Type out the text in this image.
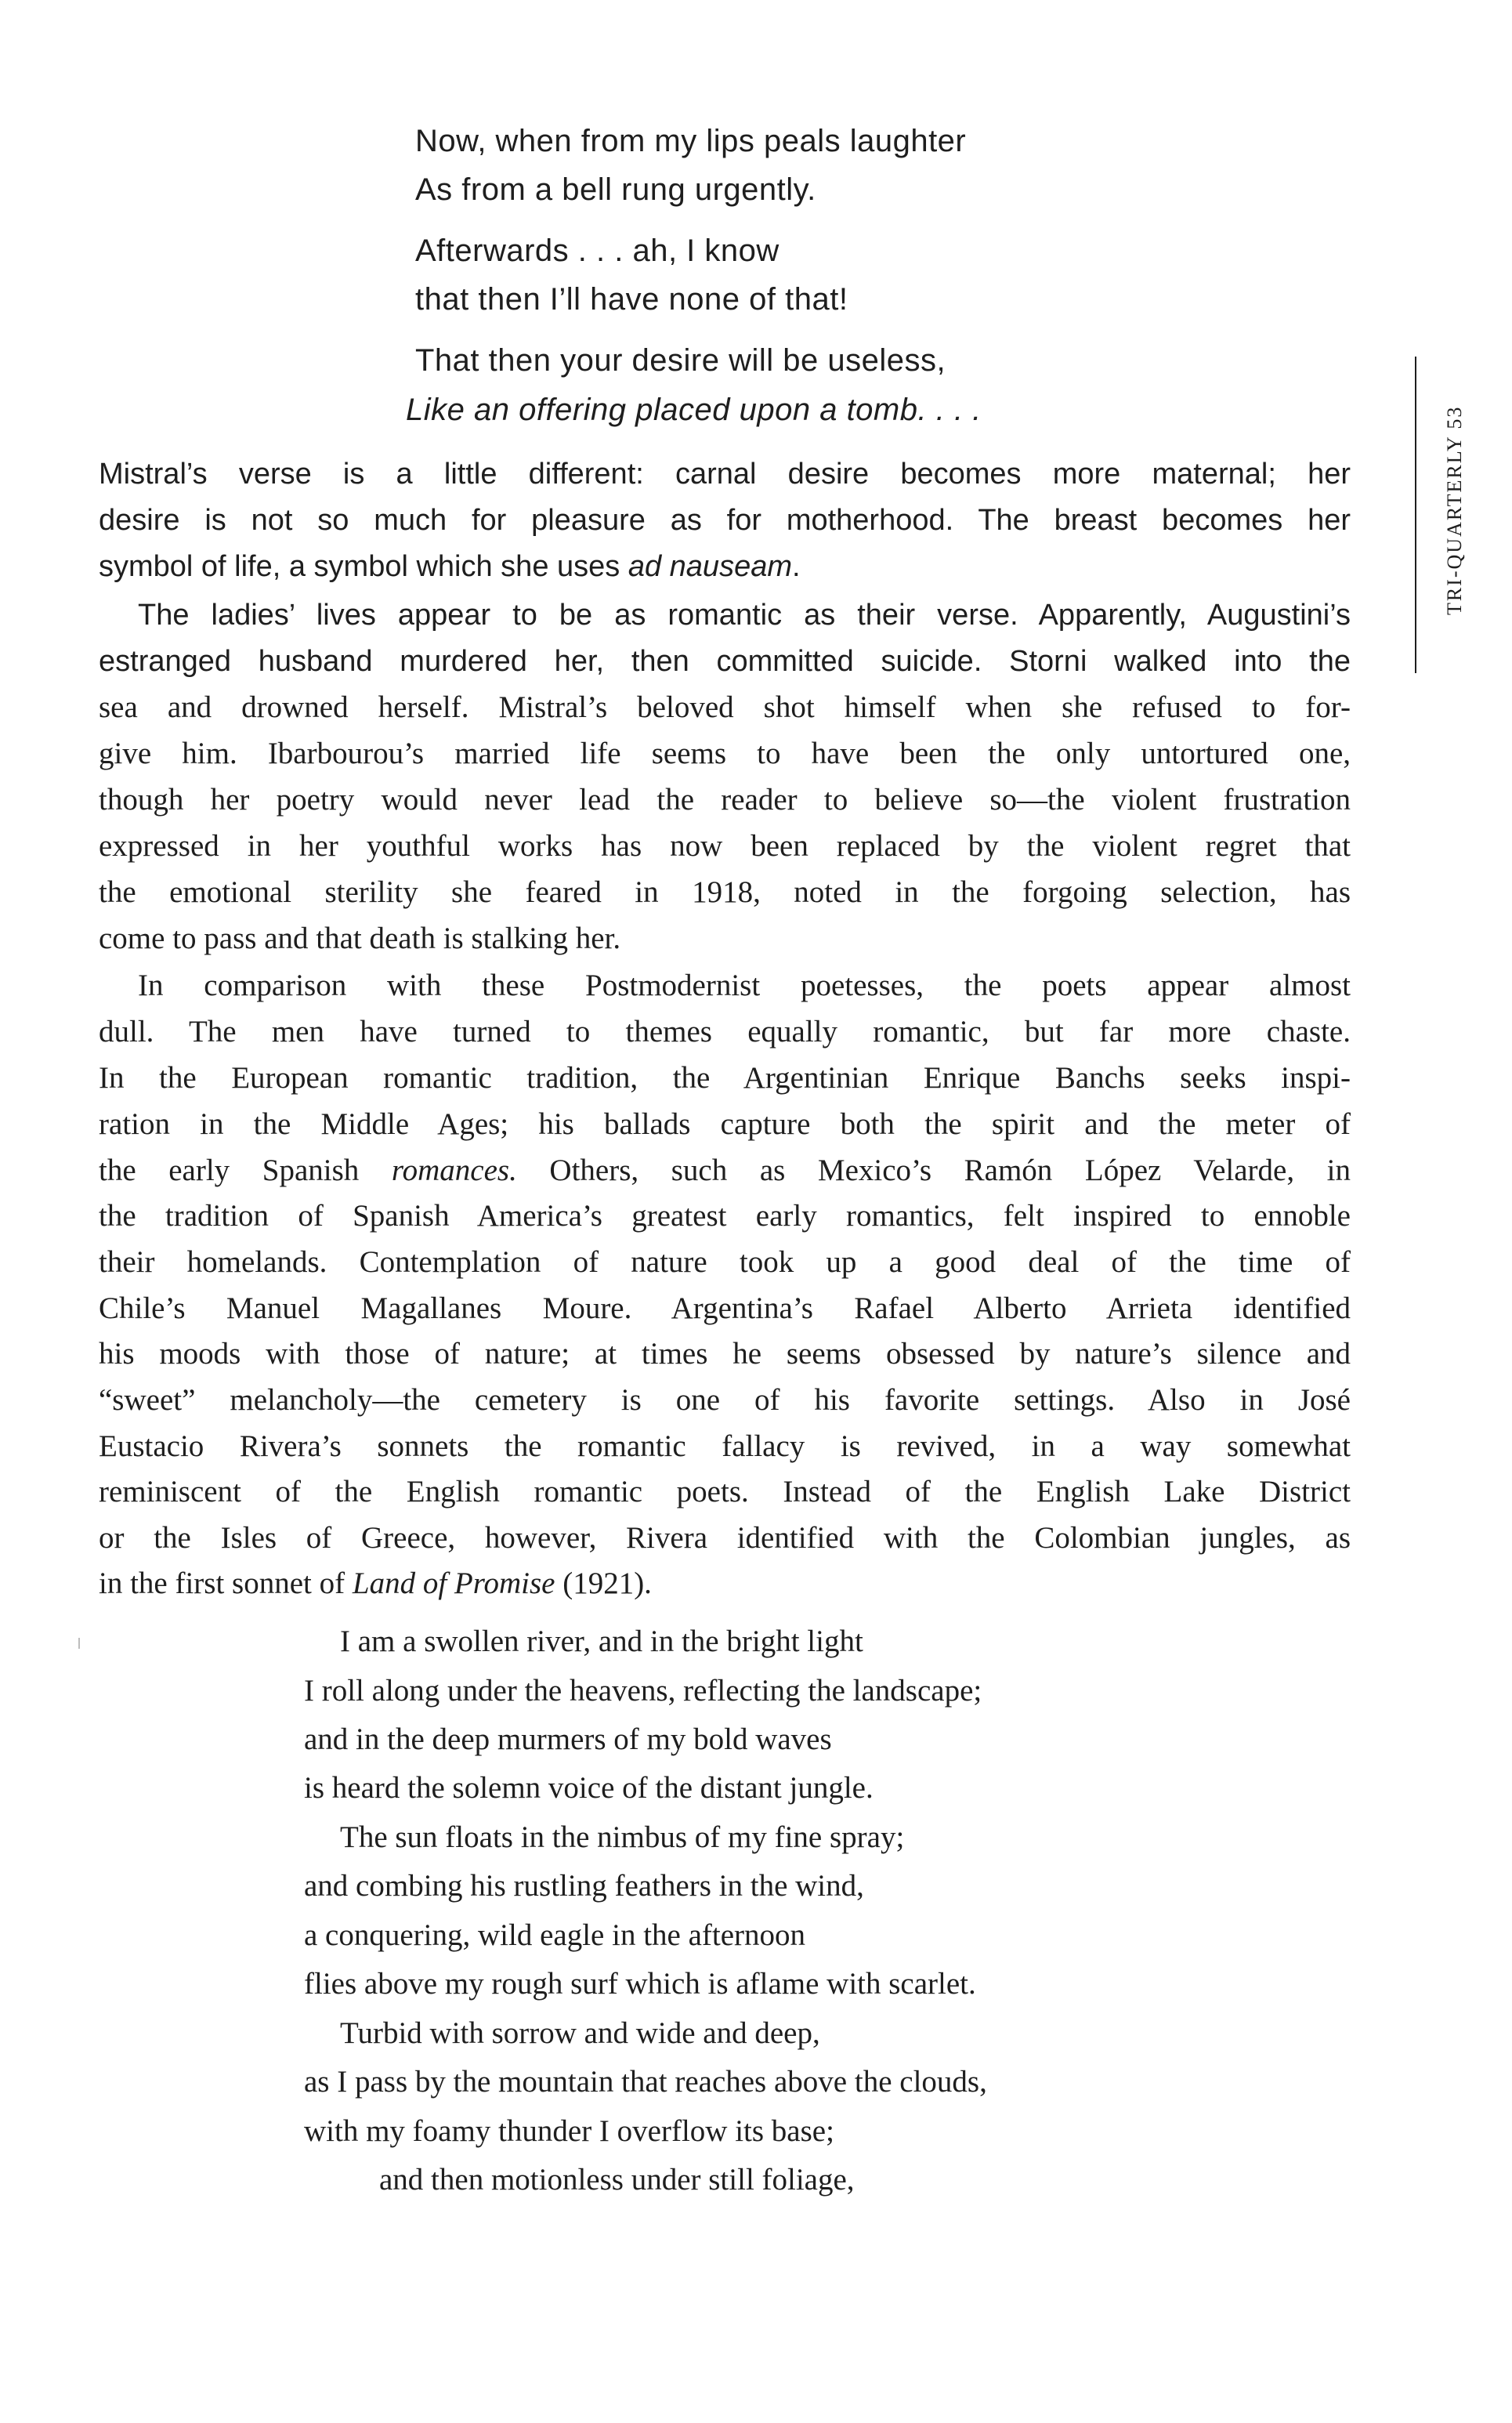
TRI-QUARTERLY 53
Now, when from my lips peals laughter
As from a bell rung urgently.
Afterwards . . . ah, I know
that then I’ll have none of that!
That then your desire will be useless,
Like an offering placed upon a tomb. . . .
Mistral’s verse is a little different: carnal desire becomes more maternal; her
desire is not so much for pleasure as for motherhood. The breast becomes her
symbol of life, a symbol which she uses ad nauseam.
The ladies’ lives appear to be as romantic as their verse. Apparently, Augustini’s
estranged husband murdered her, then committed suicide. Storni walked into the
sea and drowned herself. Mistral’s beloved shot himself when she refused to for-
give him. Ibarbourou’s married life seems to have been the only untortured one,
though her poetry would never lead the reader to believe so—the violent frustration
expressed in her youthful works has now been replaced by the violent regret that
the emotional sterility she feared in 1918, noted in the forgoing selection, has
come to pass and that death is stalking her.
In comparison with these Postmodernist poetesses, the poets appear almost
dull. The men have turned to themes equally romantic, but far more chaste.
In the European romantic tradition, the Argentinian Enrique Banchs seeks inspi-
ration in the Middle Ages; his ballads capture both the spirit and the meter of
the early Spanish romances. Others, such as Mexico’s Ramón López Velarde, in
the tradition of Spanish America’s greatest early romantics, felt inspired to ennoble
their homelands. Contemplation of nature took up a good deal of the time of
Chile’s Manuel Magallanes Moure. Argentina’s Rafael Alberto Arrieta identified
his moods with those of nature; at times he seems obsessed by nature’s silence and
“sweet” melancholy—the cemetery is one of his favorite settings. Also in José
Eustacio Rivera’s sonnets the romantic fallacy is revived, in a way somewhat
reminiscent of the English romantic poets. Instead of the English Lake District
or the Isles of Greece, however, Rivera identified with the Colombian jungles, as
in the first sonnet of Land of Promise (1921).
I am a swollen river, and in the bright light
I roll along under the heavens, reflecting the landscape;
and in the deep murmers of my bold waves
is heard the solemn voice of the distant jungle.
The sun floats in the nimbus of my fine spray;
and combing his rustling feathers in the wind,
a conquering, wild eagle in the afternoon
flies above my rough surf which is aflame with scarlet.
Turbid with sorrow and wide and deep,
as I pass by the mountain that reaches above the clouds,
with my foamy thunder I overflow its base;
and then motionless under still foliage,
